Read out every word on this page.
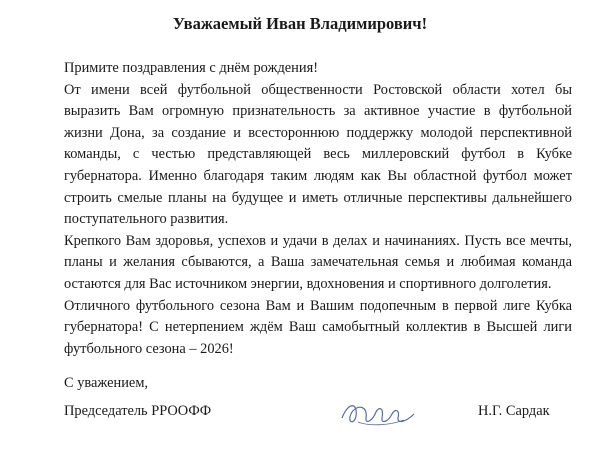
Уважаемый Иван Владимирович!

Примите поздравления с днём рождения!

От имени всей футбольной общественности Ростовской области хотел бы выразить Вам огромную признательность за активное участие в футбольной жизни Дона, за создание и всестороннюю поддержку молодой перспективной команды, с честью представляющей весь миллеровский футбол в Кубке губернатора. Именно благодаря таким людям как Вы областной футбол может строить смелые планы на будущее и иметь отличные перспективы дальнейшего поступательного развития.

Крепкого Вам здоровья, успехов и удачи в делах и начинаниях. Пусть все мечты, планы и желания сбываются, а Ваша замечательная семья и любимая команда остаются для Вас источником энергии, вдохновения и спортивного долголетия.

Отличного футбольного сезона Вам и Вашим подопечным в первой лиге Кубка губернатора! С нетерпением ждём Ваш самобытный коллектив в Высшей лиги футбольного сезона – 2026!

С уважением,
Председатель РРООФФ	Н.Г. Сардак
